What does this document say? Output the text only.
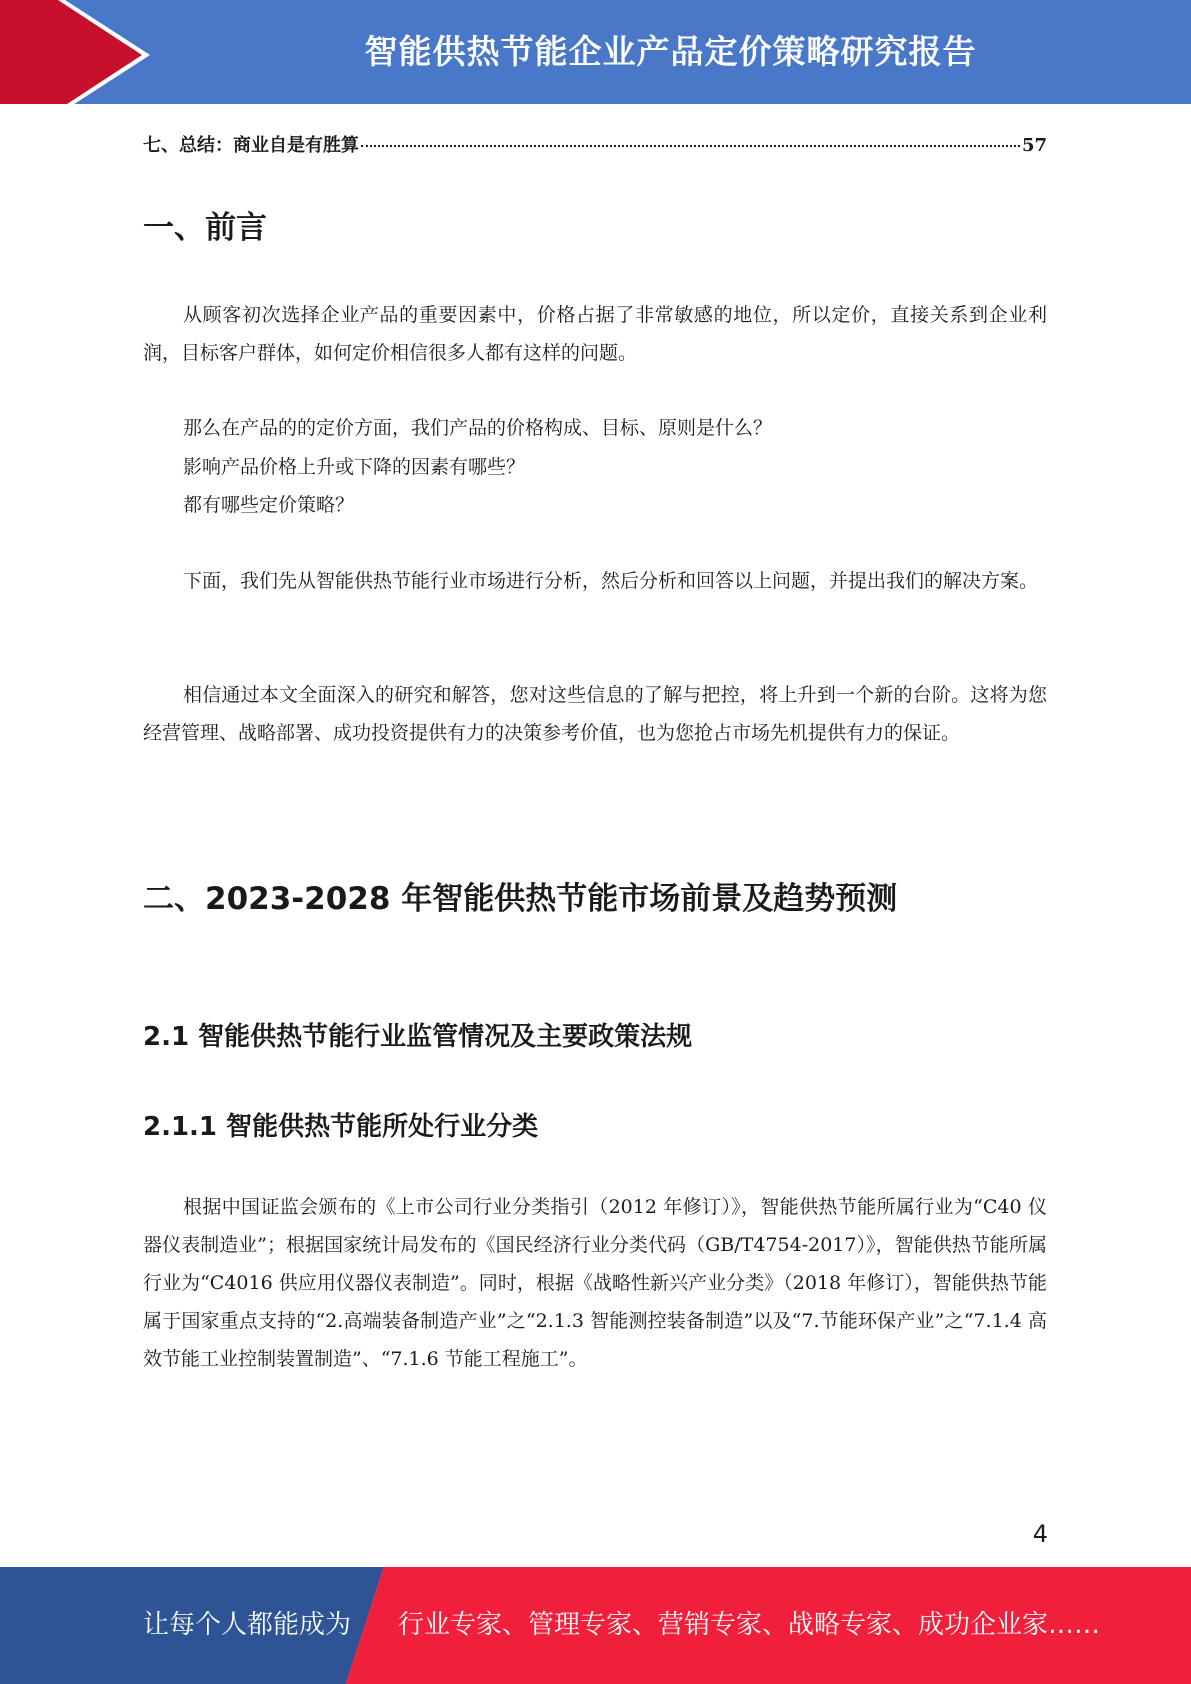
智能供热节能企业产品定价策略研究报告
七、总结：商业自是有胜算	57
一、前言

从顾客初次选择企业产品的重要因素中，价格占据了非常敏感的地位，所以定价，直接关系到企业利润，目标客户群体，如何定价相信很多人都有这样的问题。

那么在产品的的定价方面，我们产品的价格构成、目标、原则是什么？
影响产品价格上升或下降的因素有哪些？
都有哪些定价策略？

下面，我们先从智能供热节能行业市场进行分析，然后分析和回答以上问题，并提出我们的解决方案。

相信通过本文全面深入的研究和解答，您对这些信息的了解与把控，将上升到一个新的台阶。这将为您经营管理、战略部署、成功投资提供有力的决策参考价值，也为您抢占市场先机提供有力的保证。

二、2023-2028 年智能供热节能市场前景及趋势预测
2.1 智能供热节能行业监管情况及主要政策法规
2.1.1 智能供热节能所处行业分类

根据中国证监会颁布的《上市公司行业分类指引（2012 年修订）》，智能供热节能所属行业为“C40 仪器仪表制造业”；根据国家统计局发布的《国民经济行业分类代码（GB/T4754-2017）》，智能供热节能所属行业为“C4016 供应用仪器仪表制造”。同时，根据《战略性新兴产业分类》（2018 年修订），智能供热节能属于国家重点支持的“2.高端装备制造产业”之“2.1.3 智能测控装备制造”以及“7.节能环保产业”之“7.1.4 高效节能工业控制装置制造”、“7.1.6 节能工程施工”。

4
让每个人都能成为 行业专家、管理专家、营销专家、战略专家、成功企业家……
